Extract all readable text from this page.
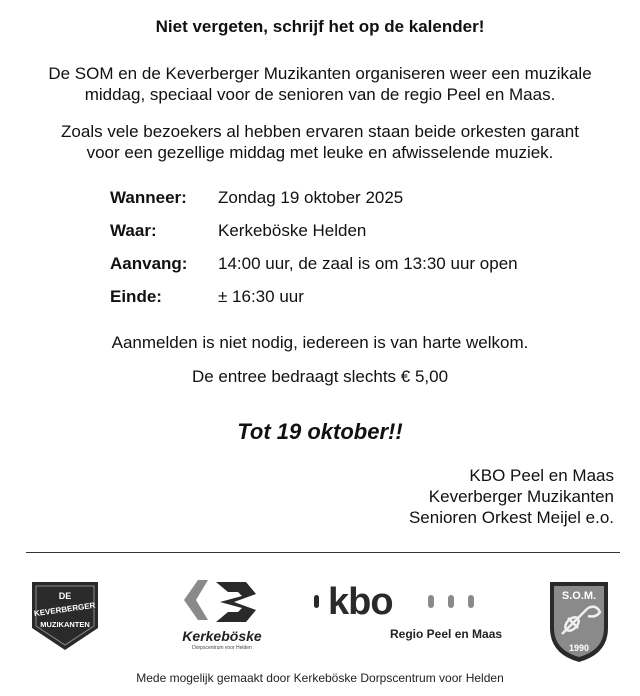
Niet vergeten, schrijf het op de kalender!
De SOM en de Keverberger Muzikanten organiseren weer een muzikale
middag, speciaal voor de senioren van de regio Peel en Maas.
Zoals vele bezoekers al hebben ervaren staan beide orkesten garant
voor een gezellige middag met leuke en afwisselende muziek.
Wanneer:	Zondag 19 oktober 2025
Waar:	Kerkeböske Helden
Aanvang:	14:00 uur, de zaal is om 13:30 uur open
Einde:	± 16:30 uur
Aanmelden is niet nodig, iedereen is van harte welkom.
De entree bedraagt slechts € 5,00
Tot 19 oktober!!
KBO Peel en Maas
Keverberger Muzikanten
Senioren Orkest Meijel e.o.
DE
KEVERBERGER
MUZIKANTEN
Kerkeböske
Dorpscentrum voor Helden
kbo
Regio Peel en Maas
S.O.M.
1990
Mede mogelijk gemaakt door Kerkeböske Dorpscentrum voor Helden
